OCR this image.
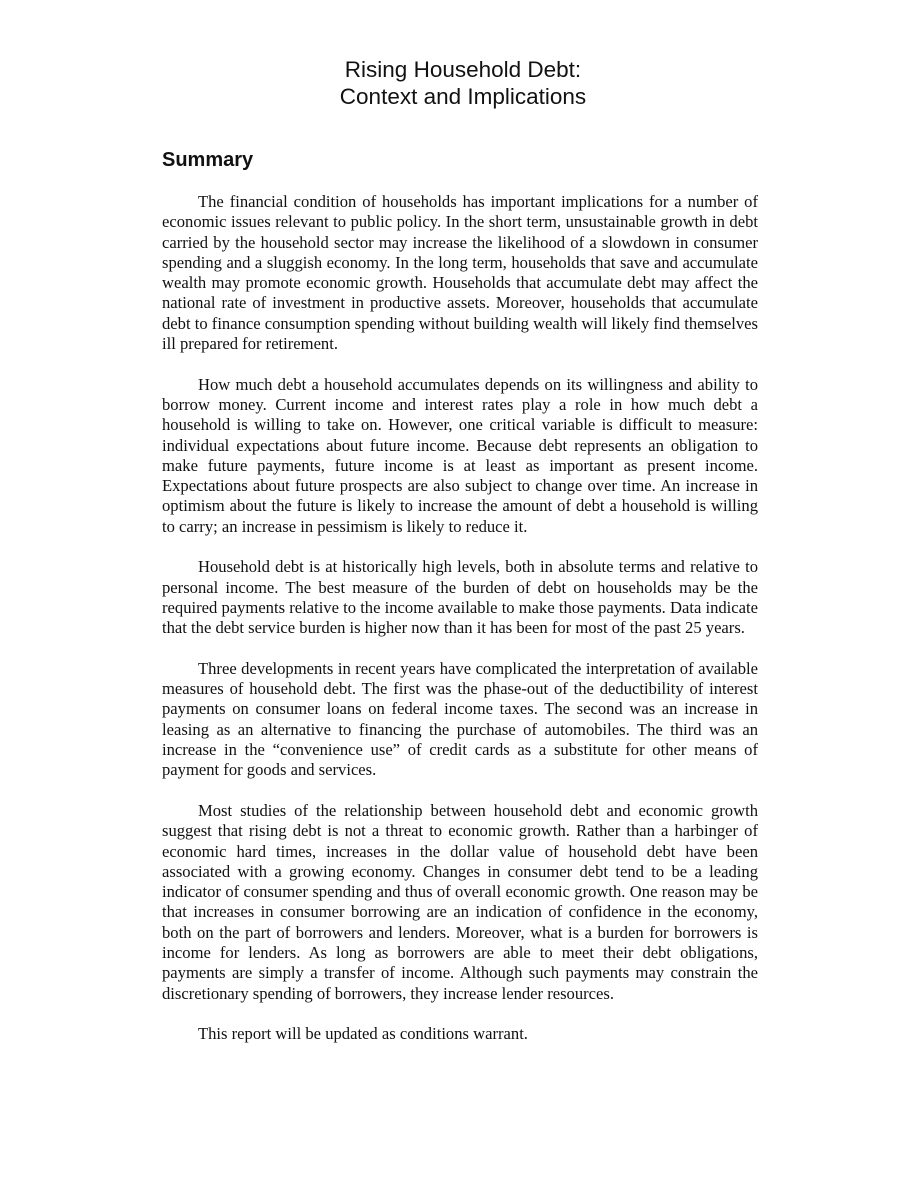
Rising Household Debt:
Context and Implications
Summary

The financial condition of households has important implications for a number of economic issues relevant to public policy. In the short term, unsustainable growth in debt carried by the household sector may increase the likelihood of a slowdown in consumer spending and a sluggish economy. In the long term, households that save and accumulate wealth may promote economic growth. Households that accumulate debt may affect the national rate of investment in productive assets. Moreover, households that accumulate debt to finance consumption spending without building wealth will likely find themselves ill prepared for retirement.

How much debt a household accumulates depends on its willingness and ability to borrow money. Current income and interest rates play a role in how much debt a household is willing to take on. However, one critical variable is difficult to measure: individual expectations about future income. Because debt represents an obligation to make future payments, future income is at least as important as present income. Expectations about future prospects are also subject to change over time. An increase in optimism about the future is likely to increase the amount of debt a household is willing to carry; an increase in pessimism is likely to reduce it.

Household debt is at historically high levels, both in absolute terms and relative to personal income. The best measure of the burden of debt on households may be the required payments relative to the income available to make those payments. Data indicate that the debt service burden is higher now than it has been for most of the past 25 years.

Three developments in recent years have complicated the interpretation of available measures of household debt. The first was the phase-out of the deductibility of interest payments on consumer loans on federal income taxes. The second was an increase in leasing as an alternative to financing the purchase of automobiles. The third was an increase in the “convenience use” of credit cards as a substitute for other means of payment for goods and services.

Most studies of the relationship between household debt and economic growth suggest that rising debt is not a threat to economic growth. Rather than a harbinger of economic hard times, increases in the dollar value of household debt have been associated with a growing economy. Changes in consumer debt tend to be a leading indicator of consumer spending and thus of overall economic growth. One reason may be that increases in consumer borrowing are an indication of confidence in the economy, both on the part of borrowers and lenders. Moreover, what is a burden for borrowers is income for lenders. As long as borrowers are able to meet their debt obligations, payments are simply a transfer of income. Although such payments may constrain the discretionary spending of borrowers, they increase lender resources.

This report will be updated as conditions warrant.
